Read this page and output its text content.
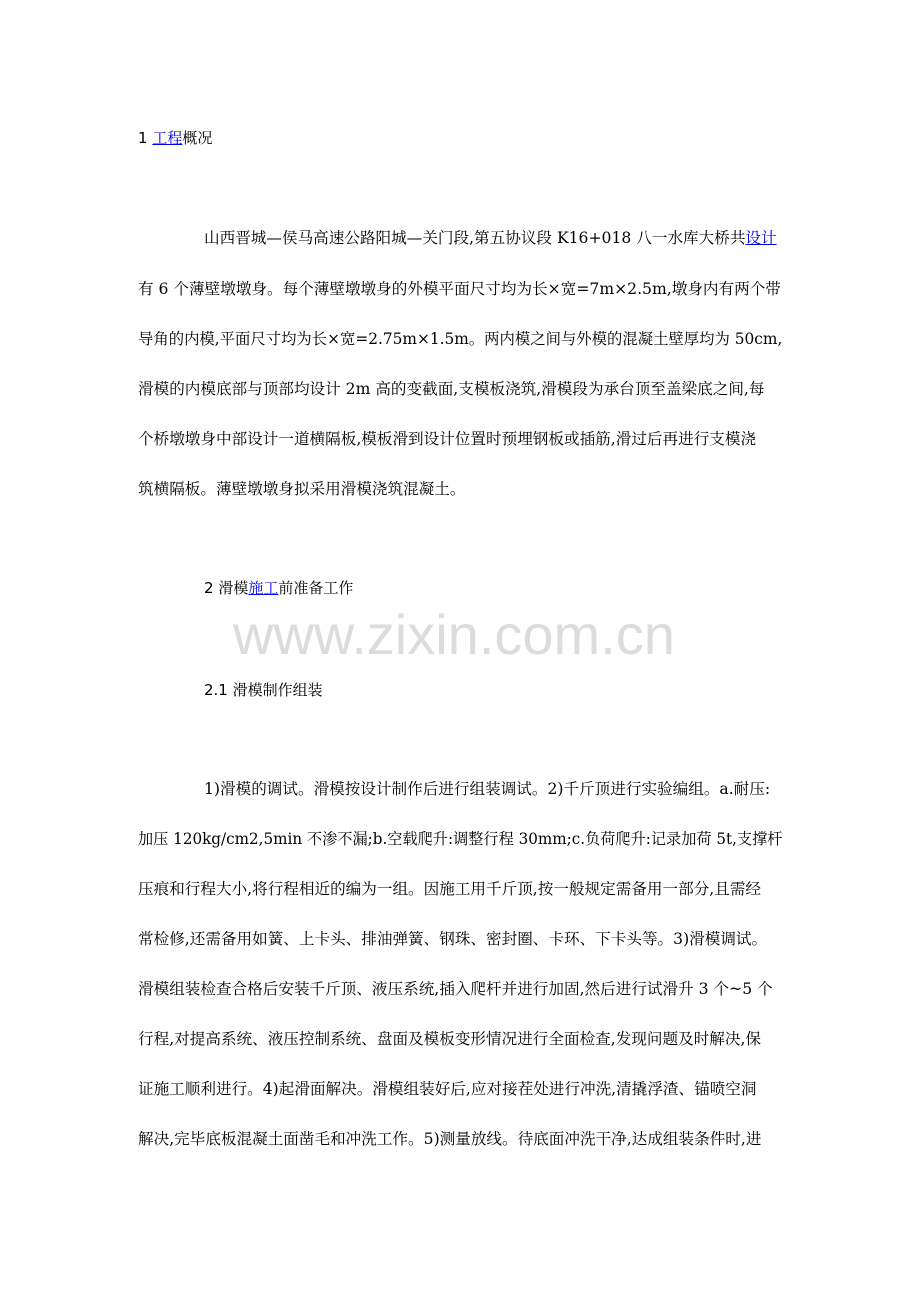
1 工程概况
山西晋城—侯马高速公路阳城—关门段,第五协议段 K16+018 八一水库大桥共设计
有 6 个薄壁墩墩身。每个薄壁墩墩身的外模平面尺寸均为长×宽=7m×2.5m,墩身内有两个带
导角的内模,平面尺寸均为长×宽=2.75m×1.5m。两内模之间与外模的混凝土壁厚均为 50cm,
滑模的内模底部与顶部均设计 2m 高的变截面,支模板浇筑,滑模段为承台顶至盖梁底之间,每
个桥墩墩身中部设计一道横隔板,模板滑到设计位置时预埋钢板或插筋,滑过后再进行支模浇
筑横隔板。薄壁墩墩身拟采用滑模浇筑混凝土。
2 滑模施工前准备工作
www.zixin.com.cn
2.1 滑模制作组装
1)滑模的调试。滑模按设计制作后进行组装调试。2)千斤顶进行实验编组。a.耐压:
加压 120kg/cm2,5min 不渗不漏;b.空载爬升:调整行程 30mm;c.负荷爬升:记录加荷 5t,支撑杆
压痕和行程大小,将行程相近的编为一组。因施工用千斤顶,按一般规定需备用一部分,且需经
常检修,还需备用如簧、上卡头、排油弹簧、钢珠、密封圈、卡环、下卡头等。3)滑模调试。
滑模组装检查合格后安装千斤顶、液压系统,插入爬杆并进行加固,然后进行试滑升 3 个~5 个
行程,对提高系统、液压控制系统、盘面及模板变形情况进行全面检查,发现问题及时解决,保
证施工顺利进行。4)起滑面解决。滑模组装好后,应对接茬处进行冲洗,清撬浮渣、锚喷空洞
解决,完毕底板混凝土面凿毛和冲洗工作。5)测量放线。待底面冲洗干净,达成组装条件时,进
